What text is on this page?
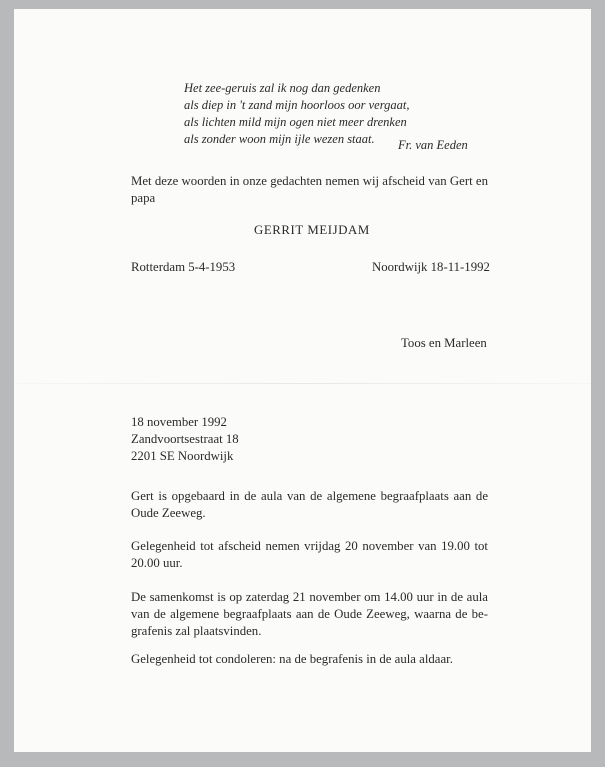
Het zee-geruis zal ik nog dan gedenken
als diep in 't zand mijn hoorloos oor vergaat,
als lichten mild mijn ogen niet meer drenken
als zonder woon mijn ijle wezen staat.	Fr. van Eeden
Met deze woorden in onze gedachten nemen wij afscheid van Gert en
papa
GERRIT MEIJDAM
Rotterdam 5-4-1953	Noordwijk 18-11-1992
Toos en Marleen
18 november 1992
Zandvoortsestraat 18
2201 SE Noordwijk
Gert is opgebaard in de aula van de algemene begraafplaats aan de
Oude Zeeweg.
Gelegenheid tot afscheid nemen vrijdag 20 november van 19.00 tot
20.00 uur.
De samenkomst is op zaterdag 21 november om 14.00 uur in de aula
van de algemene begraafplaats aan de Oude Zeeweg, waarna de be-
grafenis zal plaatsvinden.
Gelegenheid tot condoleren: na de begrafenis in de aula aldaar.
